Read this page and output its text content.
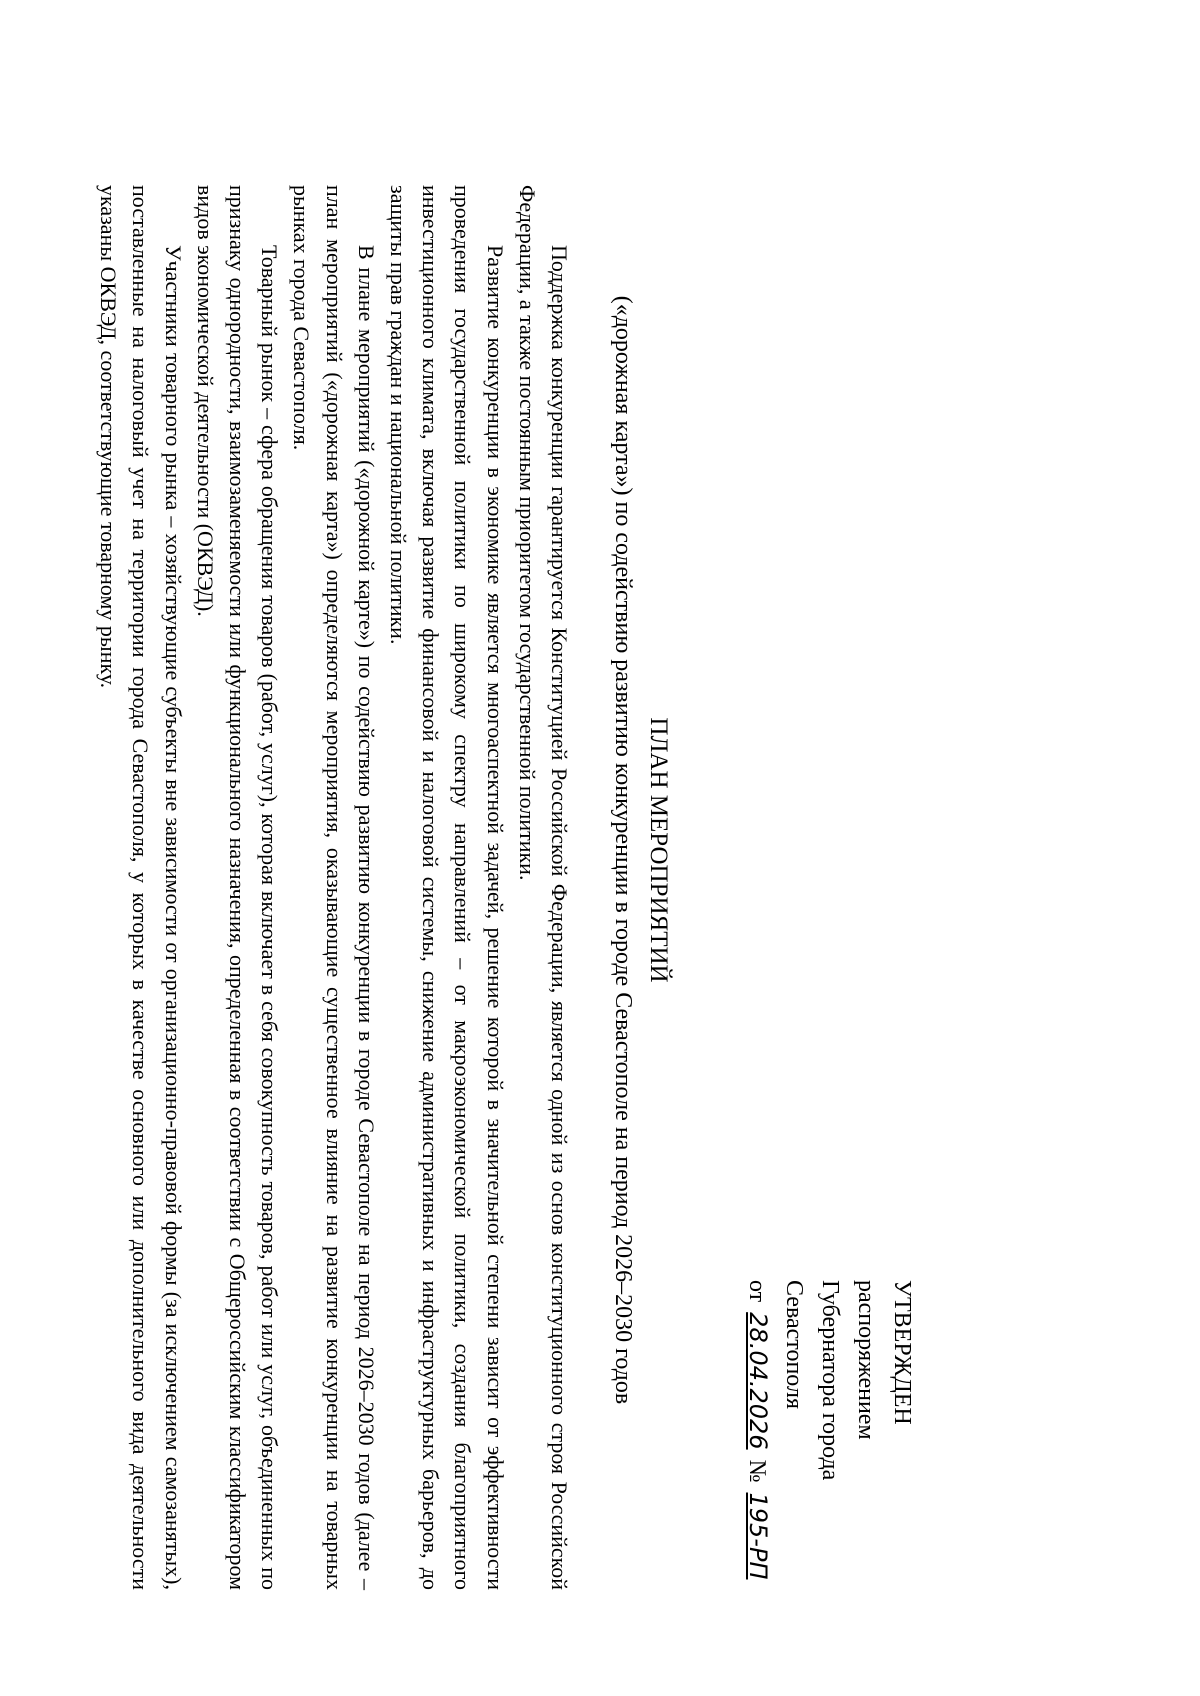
УТВЕРЖДЕН
распоряжением
Губернатора города
Севастополя
от 28.04.2026 № 195-РП
ПЛАН МЕРОПРИЯТИЙ
(«дорожная карта») по содействию развитию конкуренции в городе Севастополе на период 2026–2030 годов

Поддержка конкуренции гарантируется Конституцией Российской Федерации, является одной из основ конституционного строя Российской Федерации, а также постоянным приоритетом государственной политики.

Развитие конкуренции в экономике является многоаспектной задачей, решение которой в значительной степени зависит от эффективности проведения государственной политики по широкому спектру направлений – от макроэкономической политики, создания благоприятного инвестиционного климата, включая развитие финансовой и налоговой системы, снижение административных и инфраструктурных барьеров, до защиты прав граждан и национальной политики.

В плане мероприятий («дорожной карте») по содействию развитию конкуренции в городе Севастополе на период 2026–2030 годов (далее – план мероприятий («дорожная карта») определяются мероприятия, оказывающие существенное влияние на развитие конкуренции на товарных рынках города Севастополя.

Товарный рынок – сфера обращения товаров (работ, услуг), которая включает в себя совокупность товаров, работ или услуг, объединенных по признаку однородности, взаимозаменяемости или функционального назначения, определенная в соответствии с Общероссийским классификатором видов экономической деятельности (ОКВЭД).

Участники товарного рынка – хозяйствующие субъекты вне зависимости от организационно-правовой формы (за исключением самозанятых), поставленные на налоговый учет на территории города Севастополя, у которых в качестве основного или дополнительного вида деятельности указаны ОКВЭД, соответствующие товарному рынку.
